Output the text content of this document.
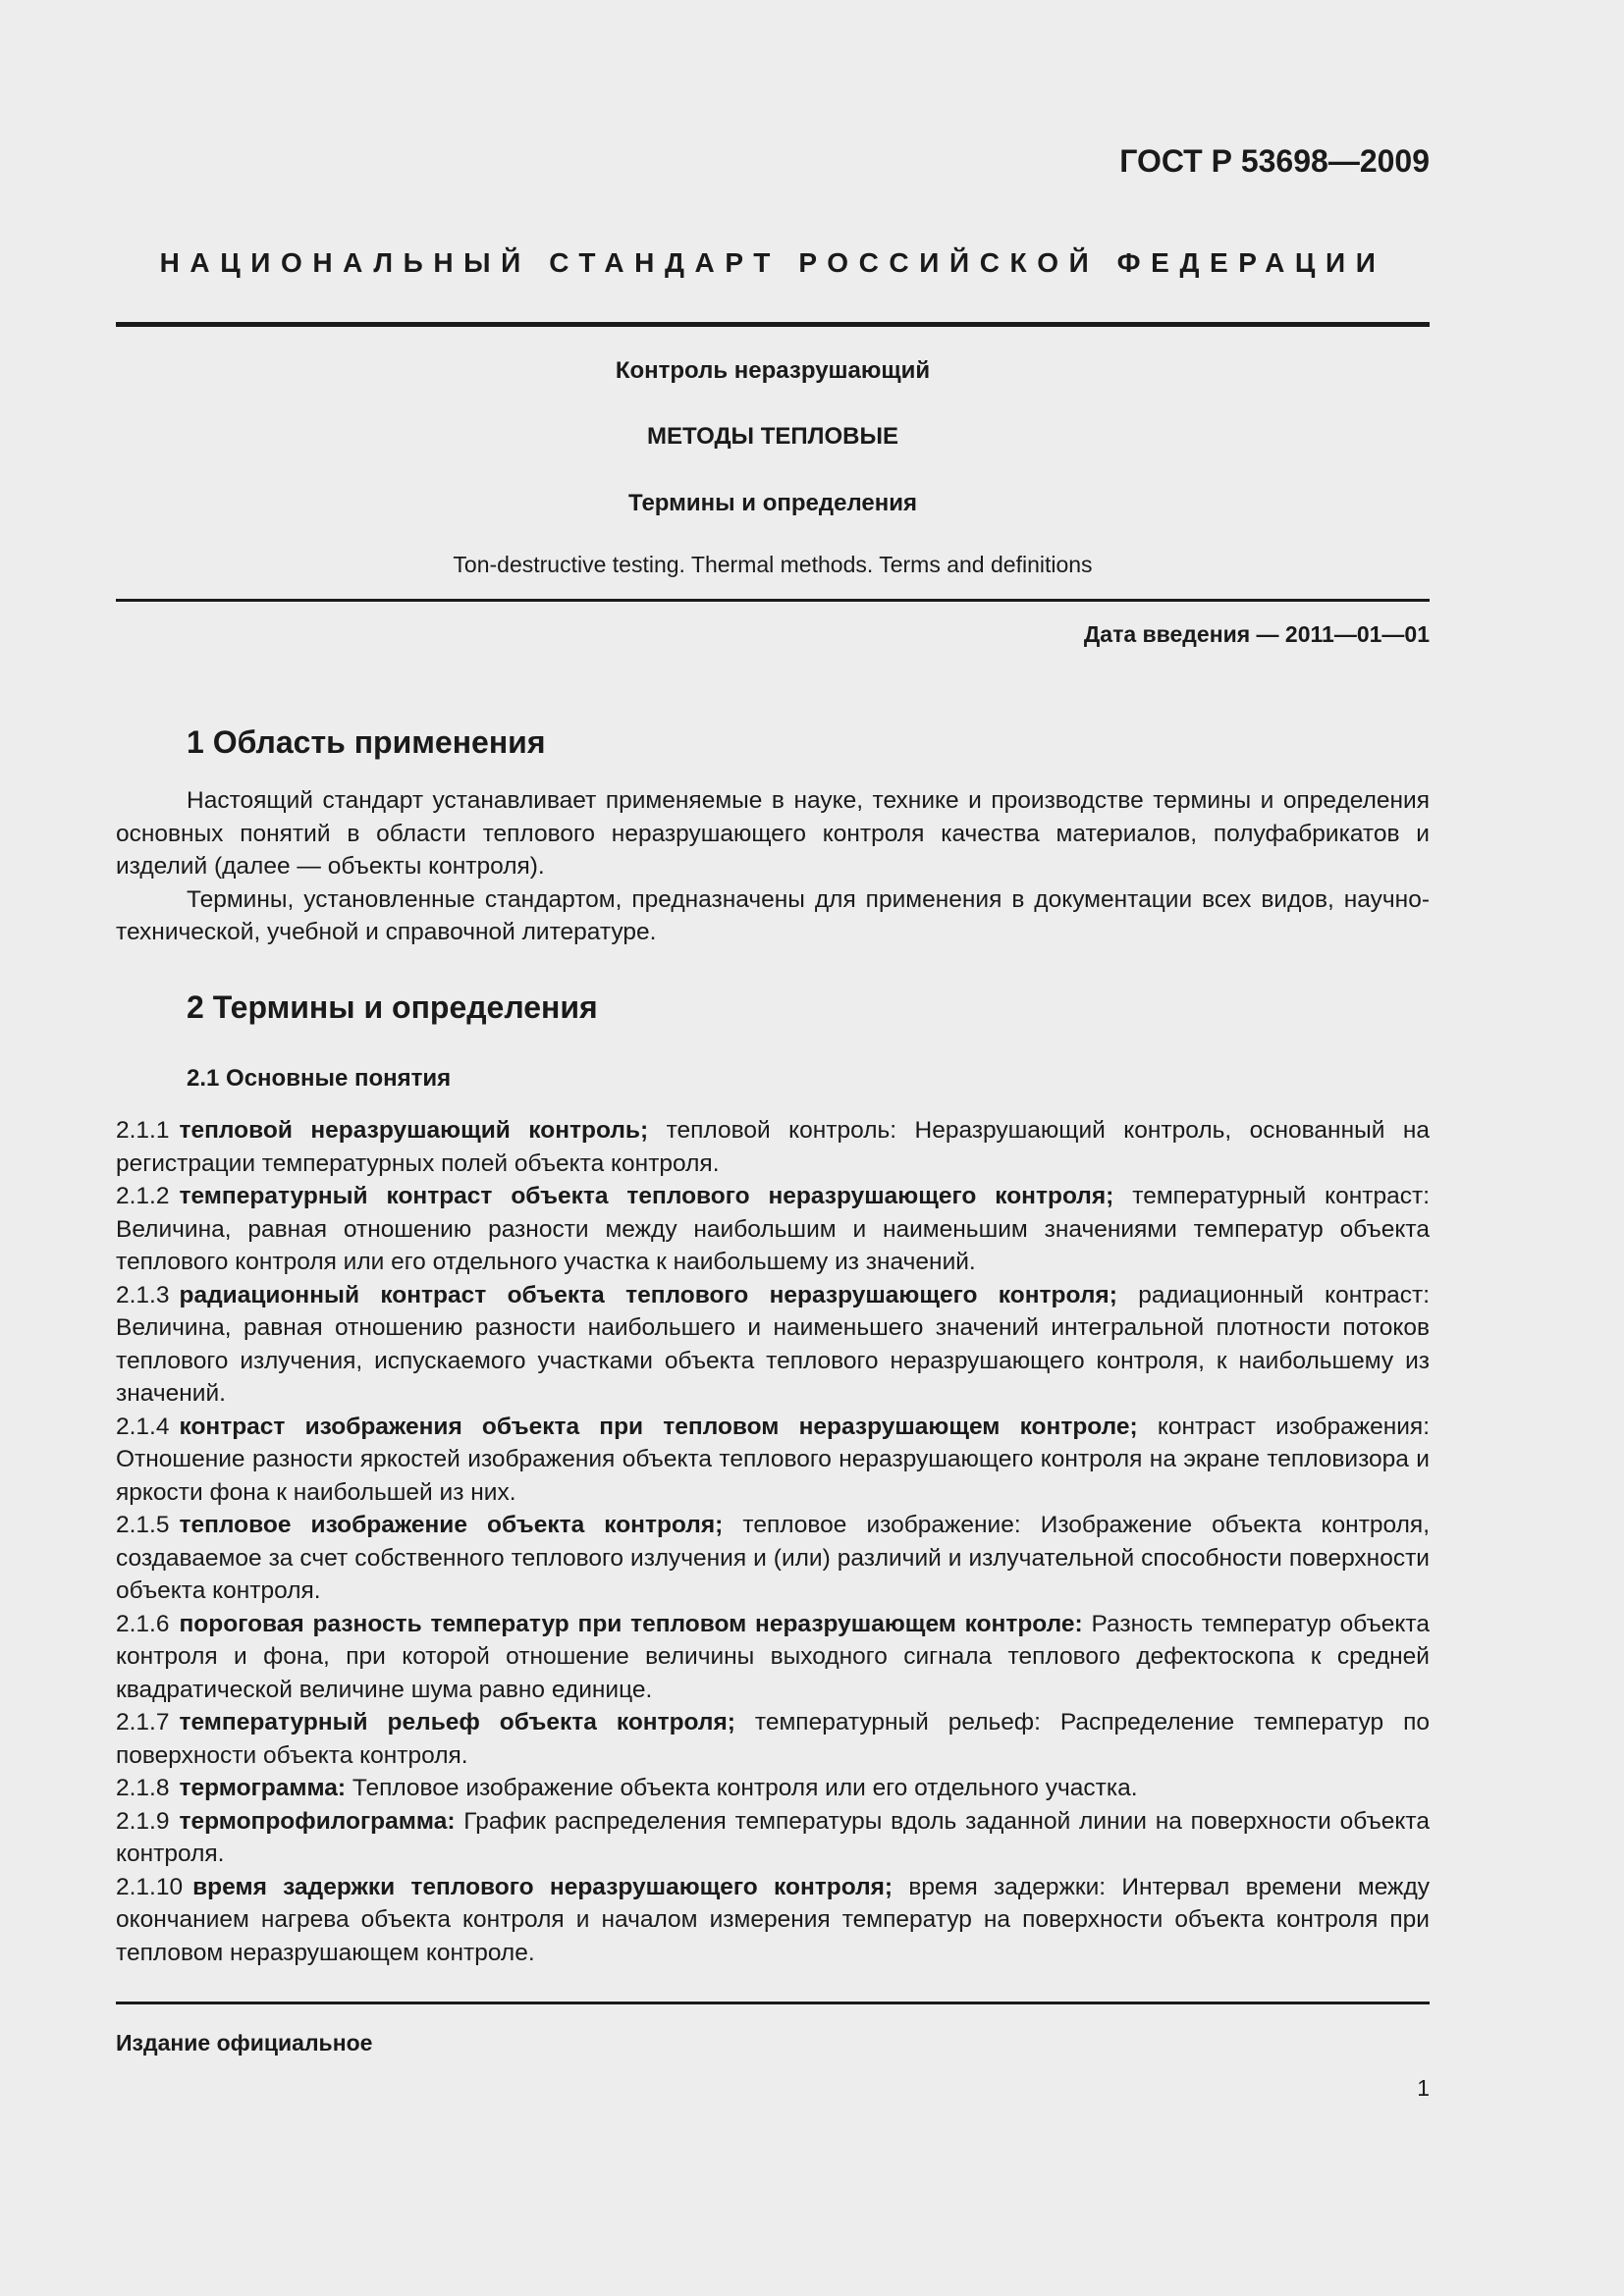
ГОСТ Р 53698—2009
НАЦИОНАЛЬНЫЙ СТАНДАРТ РОССИЙСКОЙ ФЕДЕРАЦИИ
Контроль неразрушающий
МЕТОДЫ ТЕПЛОВЫЕ
Термины и определения
Ton-destructive testing. Thermal methods. Terms and definitions
Дата введения — 2011—01—01
1 Область применения

Настоящий стандарт устанавливает применяемые в науке, технике и производстве термины и определения основных понятий в области теплового неразрушающего контроля качества материалов, полуфабрикатов и изделий (далее — объекты контроля).

Термины, установленные стандартом, предназначены для применения в документации всех видов, научно-технической, учебной и справочной литературе.

2 Термины и определения
2.1 Основные понятия

2.1.1 тепловой неразрушающий контроль; тепловой контроль: Неразрушающий контроль, основанный на регистрации температурных полей объекта контроля.

2.1.2 температурный контраст объекта теплового неразрушающего контроля; температурный контраст: Величина, равная отношению разности между наибольшим и наименьшим значениями температур объекта теплового контроля или его отдельного участка к наибольшему из значений.

2.1.3 радиационный контраст объекта теплового неразрушающего контроля; радиационный контраст: Величина, равная отношению разности наибольшего и наименьшего значений интегральной плотности потоков теплового излучения, испускаемого участками объекта теплового неразрушающего контроля, к наибольшему из значений.

2.1.4 контраст изображения объекта при тепловом неразрушающем контроле; контраст изображения: Отношение разности яркостей изображения объекта теплового неразрушающего контроля на экране тепловизора и яркости фона к наибольшей из них.

2.1.5 тепловое изображение объекта контроля; тепловое изображение: Изображение объекта контроля, создаваемое за счет собственного теплового излучения и (или) различий и излучательной способности поверхности объекта контроля.

2.1.6 пороговая разность температур при тепловом неразрушающем контроле: Разность температур объекта контроля и фона, при которой отношение величины выходного сигнала теплового дефектоскопа к средней квадратической величине шума равно единице.

2.1.7 температурный рельеф объекта контроля; температурный рельеф: Распределение температур по поверхности объекта контроля.

2.1.8 термограмма: Тепловое изображение объекта контроля или его отдельного участка.

2.1.9 термопрофилограмма: График распределения температуры вдоль заданной линии на поверхности объекта контроля.

2.1.10 время задержки теплового неразрушающего контроля; время задержки: Интервал времени между окончанием нагрева объекта контроля и началом измерения температур на поверхности объекта контроля при тепловом неразрушающем контроле.

Издание официальное
1
